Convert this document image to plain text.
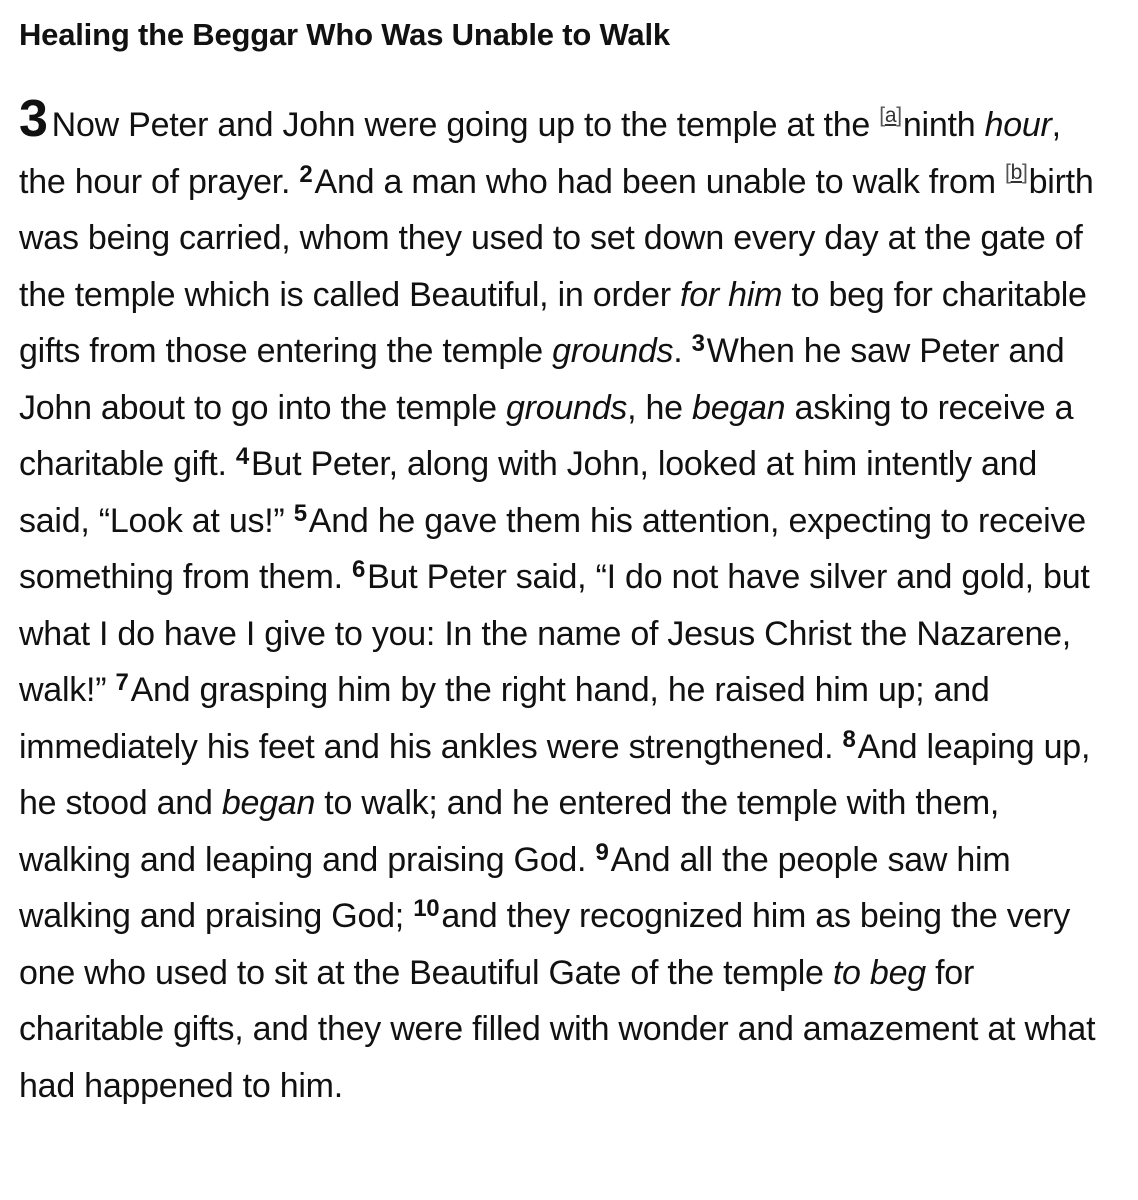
Healing the Beggar Who Was Unable to Walk

3 Now Peter and John were going up to the temple at the [a]ninth hour, the hour of prayer. $^2$And a man who had been unable to walk from [b]birth was being carried, whom they used to set down every day at the gate of the temple which is called Beautiful, in order for him to beg for charitable gifts from those entering the temple grounds. $^3$When he saw Peter and John about to go into the temple grounds, he began asking to receive a charitable gift. $^4$But Peter, along with John, looked at him intently and said, “Look at us!” $^5$And he gave them his attention, expecting to receive something from them. $^6$But Peter said, “I do not have silver and gold, but what I do have I give to you: In the name of Jesus Christ the Nazarene, walk!” $^7$And grasping him by the right hand, he raised him up; and immediately his feet and his ankles were strengthened. $^8$And leaping up, he stood and began to walk; and he entered the temple with them, walking and leaping and praising God. $^9$And all the people saw him walking and praising God; $^{10}$and they recognized him as being the very one who used to sit at the Beautiful Gate of the temple to beg for charitable gifts, and they were filled with wonder and amazement at what had happened to him.
